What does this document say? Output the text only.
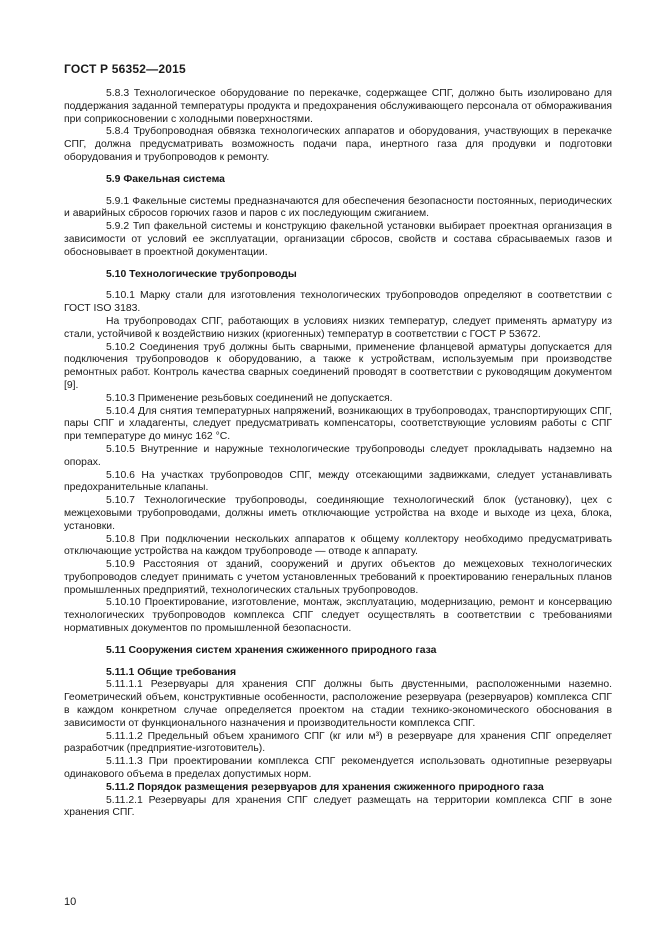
ГОСТ Р 56352—2015

5.8.3 Технологическое оборудование по перекачке, содержащее СПГ, должно быть изолировано для поддержания заданной температуры продукта и предохранения обслуживающего персонала от обмораживания при соприкосновении с холодными поверхностями.

5.8.4 Трубопроводная обвязка технологических аппаратов и оборудования, участвующих в перекачке СПГ, должна предусматривать возможность подачи пара, инертного газа для продувки и подготовки оборудования и трубопроводов к ремонту.

5.9 Факельная система

5.9.1 Факельные системы предназначаются для обеспечения безопасности постоянных, периодических и аварийных сбросов горючих газов и паров с их последующим сжиганием.

5.9.2 Тип факельной системы и конструкцию факельной установки выбирает проектная организация в зависимости от условий ее эксплуатации, организации сбросов, свойств и состава сбрасываемых газов и обосновывает в проектной документации.

5.10 Технологические трубопроводы

5.10.1 Марку стали для изготовления технологических трубопроводов определяют в соответствии с ГОСТ ISO 3183.

На трубопроводах СПГ, работающих в условиях низких температур, следует применять арматуру из стали, устойчивой к воздействию низких (криогенных) температур в соответствии с ГОСТ Р 53672.

5.10.2 Соединения труб должны быть сварными, применение фланцевой арматуры допускается для подключения трубопроводов к оборудованию, а также к устройствам, используемым при производстве ремонтных работ. Контроль качества сварных соединений проводят в соответствии с руководящим документом [9].

5.10.3 Применение резьбовых соединений не допускается.

5.10.4 Для снятия температурных напряжений, возникающих в трубопроводах, транспортирующих СПГ, пары СПГ и хладагенты, следует предусматривать компенсаторы, соответствующие условиям работы с СПГ при температуре до минус 162 °С.

5.10.5 Внутренние и наружные технологические трубопроводы следует прокладывать надземно на опорах.

5.10.6 На участках трубопроводов СПГ, между отсекающими задвижками, следует устанавливать предохранительные клапаны.

5.10.7 Технологические трубопроводы, соединяющие технологический блок (установку), цех с межцеховыми трубопроводами, должны иметь отключающие устройства на входе и выходе из цеха, блока, установки.

5.10.8 При подключении нескольких аппаратов к общему коллектору необходимо предусматривать отключающие устройства на каждом трубопроводе — отводе к аппарату.

5.10.9 Расстояния от зданий, сооружений и других объектов до межцеховых технологических трубопроводов следует принимать с учетом установленных требований к проектированию генеральных планов промышленных предприятий, технологических стальных трубопроводов.

5.10.10 Проектирование, изготовление, монтаж, эксплуатацию, модернизацию, ремонт и консервацию технологических трубопроводов комплекса СПГ следует осуществлять в соответствии с требованиями нормативных документов по промышленной безопасности.

5.11 Сооружения систем хранения сжиженного природного газа

5.11.1 Общие требования

5.11.1.1 Резервуары для хранения СПГ должны быть двустенными, расположенными наземно. Геометрический объем, конструктивные особенности, расположение резервуара (резервуаров) комплекса СПГ в каждом конкретном случае определяется проектом на стадии технико-экономического обоснования в зависимости от функционального назначения и производительности комплекса СПГ.

5.11.1.2 Предельный объем хранимого СПГ (кг или м³) в резервуаре для хранения СПГ определяет разработчик (предприятие-изготовитель).

5.11.1.3 При проектировании комплекса СПГ рекомендуется использовать однотипные резервуары одинакового объема в пределах допустимых норм.

5.11.2 Порядок размещения резервуаров для хранения сжиженного природного газа

5.11.2.1 Резервуары для хранения СПГ следует размещать на территории комплекса СПГ в зоне хранения СПГ.

10
